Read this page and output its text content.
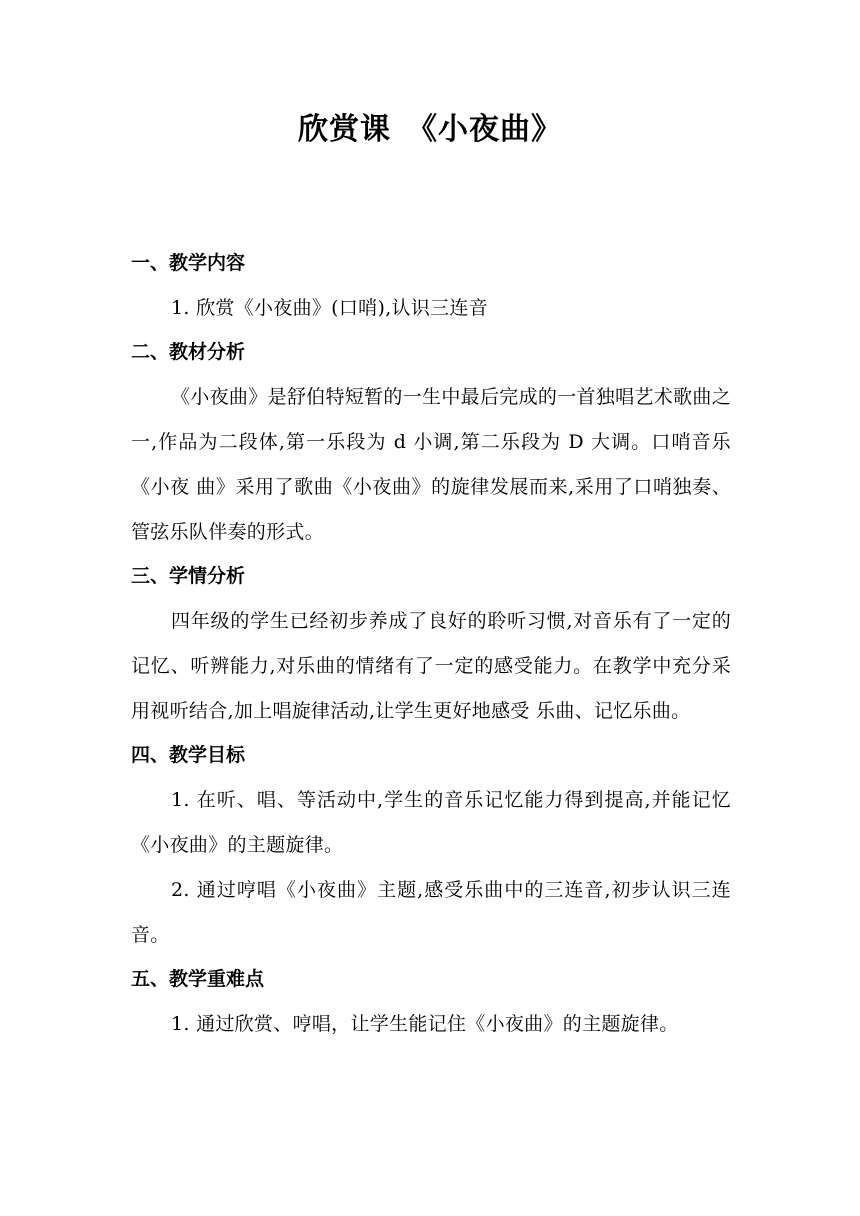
欣赏课　《小夜曲》
一、教学内容

1. 欣赏《小夜曲》(口哨),认识三连音

二、教材分析

《小夜曲》是舒伯特短暂的一生中最后完成的一首独唱艺术歌曲之一,作品为二段体,第一乐段为 d 小调,第二乐段为 D 大调。口哨音乐《小夜 曲》采用了歌曲《小夜曲》的旋律发展而来,采用了口哨独奏、管弦乐队伴奏的形式。

三、学情分析

四年级的学生已经初步养成了良好的聆听习惯,对音乐有了一定的记忆、听辨能力,对乐曲的情绪有了一定的感受能力。在教学中充分采用视听结合,加上唱旋律活动,让学生更好地感受 乐曲、记忆乐曲。

四、教学目标

1. 在听、唱、等活动中,学生的音乐记忆能力得到提高,并能记忆《小夜曲》的主题旋律。

2. 通过哼唱《小夜曲》主题,感受乐曲中的三连音,初步认识三连音。

五、教学重难点

1. 通过欣赏、哼唱，让学生能记住《小夜曲》的主题旋律。
